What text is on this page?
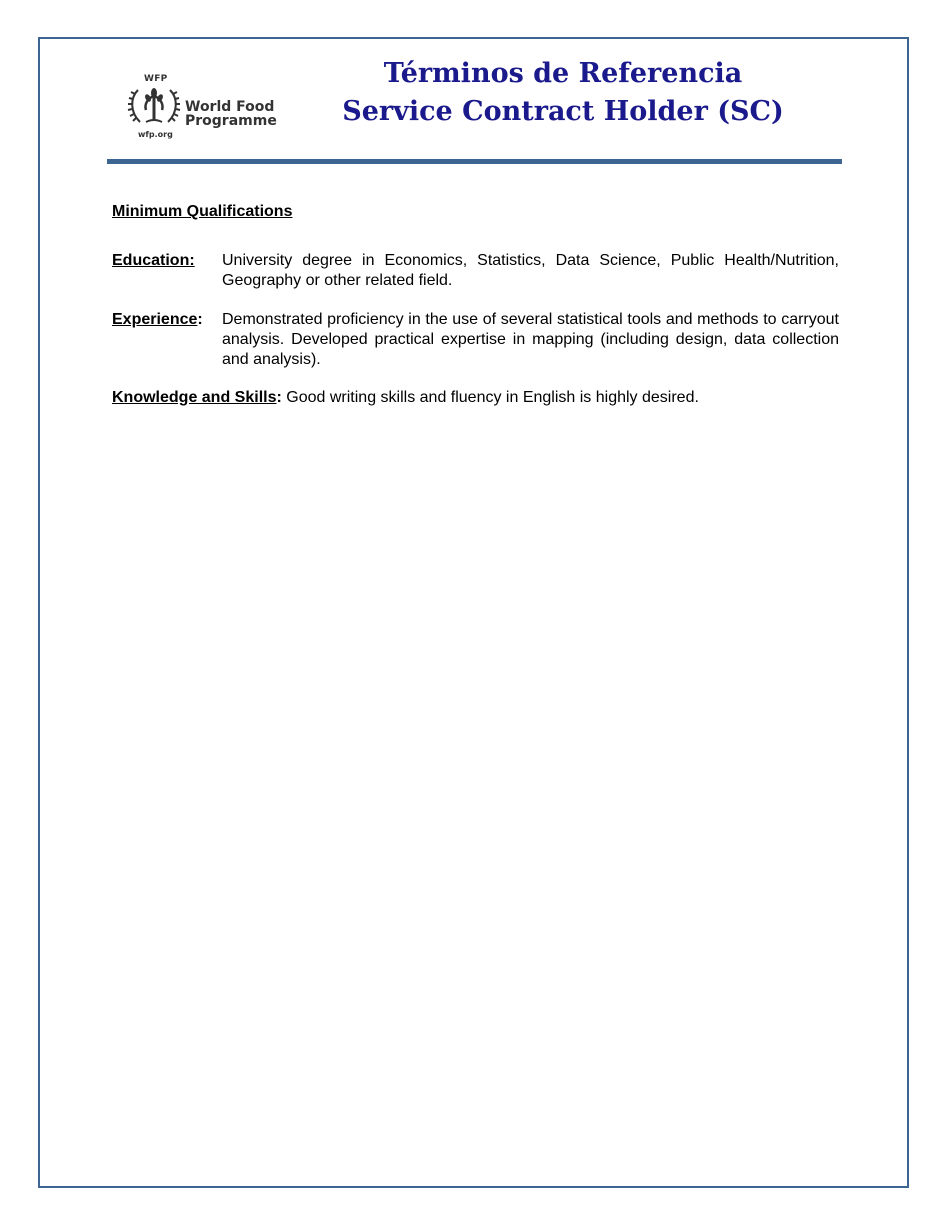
WFP
World Food
Programme
wfp.org
Términos de Referencia
Service Contract Holder (SC)
Minimum Qualifications
Education: University degree in Economics, Statistics, Data Science, Public Health/Nutrition, Geography or other related field.
Experience: Demonstrated proficiency in the use of several statistical tools and methods to carryout analysis. Developed practical expertise in mapping (including design, data collection and analysis).
Knowledge and Skills: Good writing skills and fluency in English is highly desired.
